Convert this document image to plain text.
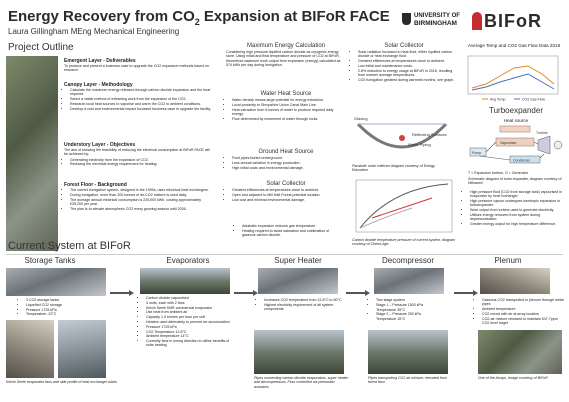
Energy Recovery from $CO_2$ Expansion at BIFoR FACE
Laura Gillingham MEng Mechanical Engineering
UNIVERSITY OF
BIRMINGHAM BIFoR
Project Outline
Emergent Layer - Deliverables

To produce and present a business case to upgrade the CO2 expansion methods based on research.

Canopy Layer - Methodology
• Calculate the maximum energy released through carbon dioxide expansion and the heat required.
• Select a viable method of extracting work from the expansion of the CO2.
• Research local heat sources to vaporise and warm the CO2 to ambient conditions.
• Develop a cost and environmental impact focussed business case to upgrade the facility.
Understory Layer - Objectives

The aim of showing the feasibility of reducing the electrical consumption at BIFoR FACE will be achieved by:

• Generating electricity from the expansion of CO2.
• Reducing the electrical energy requirement for heating.
Forest Floor - Background
• The current fumigation system, designed in the 1990s, uses electrical heat exchangers.
• During fumigation, more than 200 tonnes of air-CO2 mixture is used daily.
• The average annual electrical consumption is 220,000 kWh, costing approximately £35,200 per year.
• The plan is to elevate atmospheric CO2 every growing season until 2026.
Maximum Energy Calculation

Considering high pressure liquified carbon dioxide as cryogenic energy store. Using initial and final temperature and pressure of CO2 at BIFoR, theoretical maximum work output from expansion (exergy) calculated as 574 kWh per day during fumigation.

Water Heat Source
• Water density means large potential for energy extraction.
• Local proximity to Shropshire Union Canal Main Line.
• Heat extraction from 6 tonnes of water to produce required daily energy.
• Flow determined by movement of water through locks.
Ground Heat Source
• Fluid pipes buried underground.
• Less annual variation in energy production.
• High initial costs and environmental damage.
Solar Collector
• Greatest efficiencies at temperatures close to ambient.
• Open and adjacent to Mill Haft Forest potential location.
• Low cost and minimal environmental damage.
• Adiabatic expansion reduces gas temperature.
• Heating required to avoid saturation and sublimation of gaseous carbon dioxide.
Solar Collector
• Solar radiation focussed to heat fluid, either liquified carbon dioxide or heat exchange fluid.
• Greatest efficiencies at temperatures close to ambient.
• Low initial and maintenance costs.
• 2.8% reduction to energy usage at BIFoR in 2018, resulting from warmer average temperatures.
• CO2 fumigation greatest during warmest months, see graph.
Glazing
Reflecting Surfaces
Water Piping
Parabolic solar collector diagram courtesy of Energy Education
Carbon dioxide temperature pressure of current system, diagram courtesy of ChemLogic
Average Temp and CO2 Gas Flow Data 2018
Avg Temp	CO2 Gas Flow
Turboexpander
Heat source
Pump
Vapouriser
Turbine
Condenser
T = Expansion turbine, G = Generator
Schematic diagram of turbo-expander, diagram courtesy of Wikiword
• High pressure fluid (CO2 from storage tank) vapourised in evaporator by heat exchanger.
• High pressure vapour undergoes isentropic expansion in turboexpander.
• Work output from turbine used to generate electricity.
• Utilises energy removed from system during depressurisation.
• Greater energy output for high temperature difference.
Current System at BIFoR
Storage Tanks	Evaporators	Super Heater	Decompressor	Plenum
• 3 CO2 storage tanks
• Liquefied CO2 storage
• Pressure 1725 kPa
• Temperature -22°C
Kelvin Seele evaporator fans and side profile of heat exchanger tubes
• Carbon dioxide vapourised
• 4 units, each with 2 fans
• Kelvin Seele KME commercial evaporator
• Use heat from ambient air
• Capacity 1.5 tonnes per hour per unit
• Heaters used alternately to prevent ice accumulation
• Pressure 1725 kPa
• CO2 Temperature 12.8°C
• Ambient temperature 14°C
• Currently fans in wrong direction to utilise benefits of solar heating
• Increases CO2 temperature from 12.8°C to 50°C
• Highest electricity requirement of all system components
Pipes connecting carbon dioxide evaporators, super heater and decompressors. Flow controlled via pneumatic actuators
• Two stage system
• Stage 1 – Pressure 1500 kPa
Temperature 35°C
• Stage 2 – Pressure 250 kPa
Temperature 15°C
Pipes transporting CO2 air mixture, elevated from forest floor
• Gaseous CO2 transported to plenum through metal pipes
• Ambient temperature
• CO2 mixed with air at array location
• CO2-air mixture released to maintain 547.7ppm CO2 level target
One of the Arrays. Image courtesy of BIFoR
